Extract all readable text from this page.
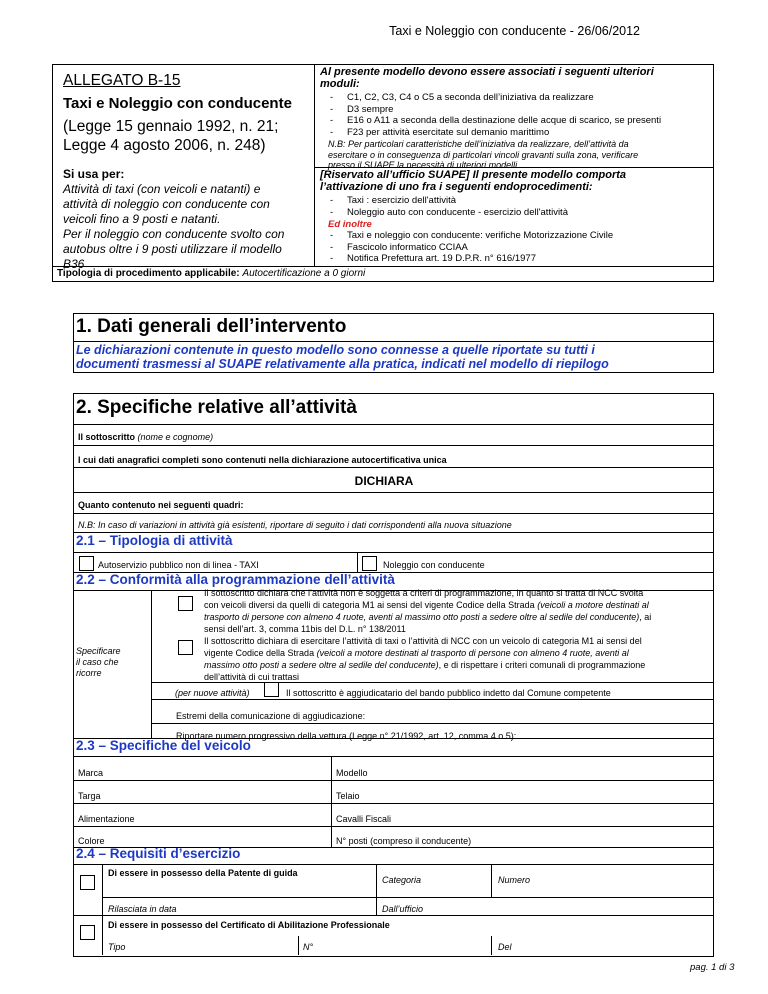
Taxi e Noleggio con conducente - 26/06/2012
ALLEGATO B-15
Taxi e Noleggio con conducente
(Legge 15 gennaio 1992, n. 21;
Legge 4 agosto 2006, n. 248)
Si usa per:
Attività di taxi (con veicoli e natanti) e
attività di noleggio con conducente con
veicoli fino a 9 posti e natanti.
Per il noleggio con conducente svolto con
autobus oltre i 9 posti utilizzare il modello
B36
Al presente modello devono essere associati i seguenti ulteriori
moduli:
- C1, C2, C3, C4 o C5 a seconda dell’iniziativa da realizzare
- D3 sempre
- E16 o A11 a seconda della destinazione delle acque di scarico, se presenti
- F23 per attività esercitate sul demanio marittimo
N.B: Per particolari caratteristiche dell’iniziativa da realizzare, dell’attività da
esercitare o in conseguenza di particolari vincoli gravanti sulla zona, verificare
presso il SUAPE la necessità di ulteriori modelli
[Riservato all’ufficio SUAPE] Il presente modello comporta
l’attivazione di uno fra i seguenti endoprocedimenti:
- Taxi : esercizio dell'attività
- Noleggio auto con conducente - esercizio dell'attività
Ed inoltre
- Taxi e noleggio con conducente: verifiche Motorizzazione Civile
- Fascicolo informatico CCIAA
- Notifica Prefettura art. 19 D.P.R. n° 616/1977
Tipologia di procedimento applicabile: Autocertificazione a 0 giorni
1. Dati generali dell’intervento
Le dichiarazioni contenute in questo modello sono connesse a quelle riportate su tutti i
documenti trasmessi al SUAPE relativamente alla pratica, indicati nel modello di riepilogo
2. Specifiche relative all’attività
Il sottoscritto (nome e cognome)
I cui dati anagrafici completi sono contenuti nella dichiarazione autocertificativa unica
DICHIARA
Quanto contenuto nei seguenti quadri:
N.B: In caso di variazioni in attività già esistenti, riportare di seguito i dati corrispondenti alla nuova situazione
2.1 – Tipologia di attività
Autoservizio pubblico non di linea - TAXI	Noleggio con conducente
2.2 – Conformità alla programmazione dell’attività
Specificare
il caso che
ricorre
Il sottoscritto dichiara che l’attività non è soggetta a criteri di programmazione, in quanto si tratta di NCC svolta
con veicoli diversi da quelli di categoria M1 ai sensi del vigente Codice della Strada (veicoli a motore destinati al
trasporto di persone con almeno 4 ruote, aventi al massimo otto posti a sedere oltre al sedile del conducente), ai
sensi dell’art. 3, comma 11bis del D.L. n° 138/2011
Il sottoscritto dichiara di esercitare l’attività di taxi o l’attività di NCC con un veicolo di categoria M1 ai sensi del
vigente Codice della Strada (veicoli a motore destinati al trasporto di persone con almeno 4 ruote, aventi al
massimo otto posti a sedere oltre al sedile del conducente), e di rispettare i criteri comunali di programmazione
dell’attività di cui trattasi
(per nuove attività)	Il sottoscritto è aggiudicatario del bando pubblico indetto dal Comune competente
Estremi della comunicazione di aggiudicazione:
Riportare numero progressivo della vettura (Legge n° 21/1992, art. 12, comma 4 o 5):
2.3 – Specifiche del veicolo
Marca	Modello
Targa	Telaio
Alimentazione	Cavalli Fiscali
Colore	N° posti (compreso il conducente)
2.4 – Requisiti d’esercizio
Di essere in possesso della Patente di guida
Categoria	Numero
Rilasciata in data	Dall’ufficio
Di essere in possesso del Certificato di Abilitazione Professionale
Tipo	N°	Del
pag. 1 di 3
